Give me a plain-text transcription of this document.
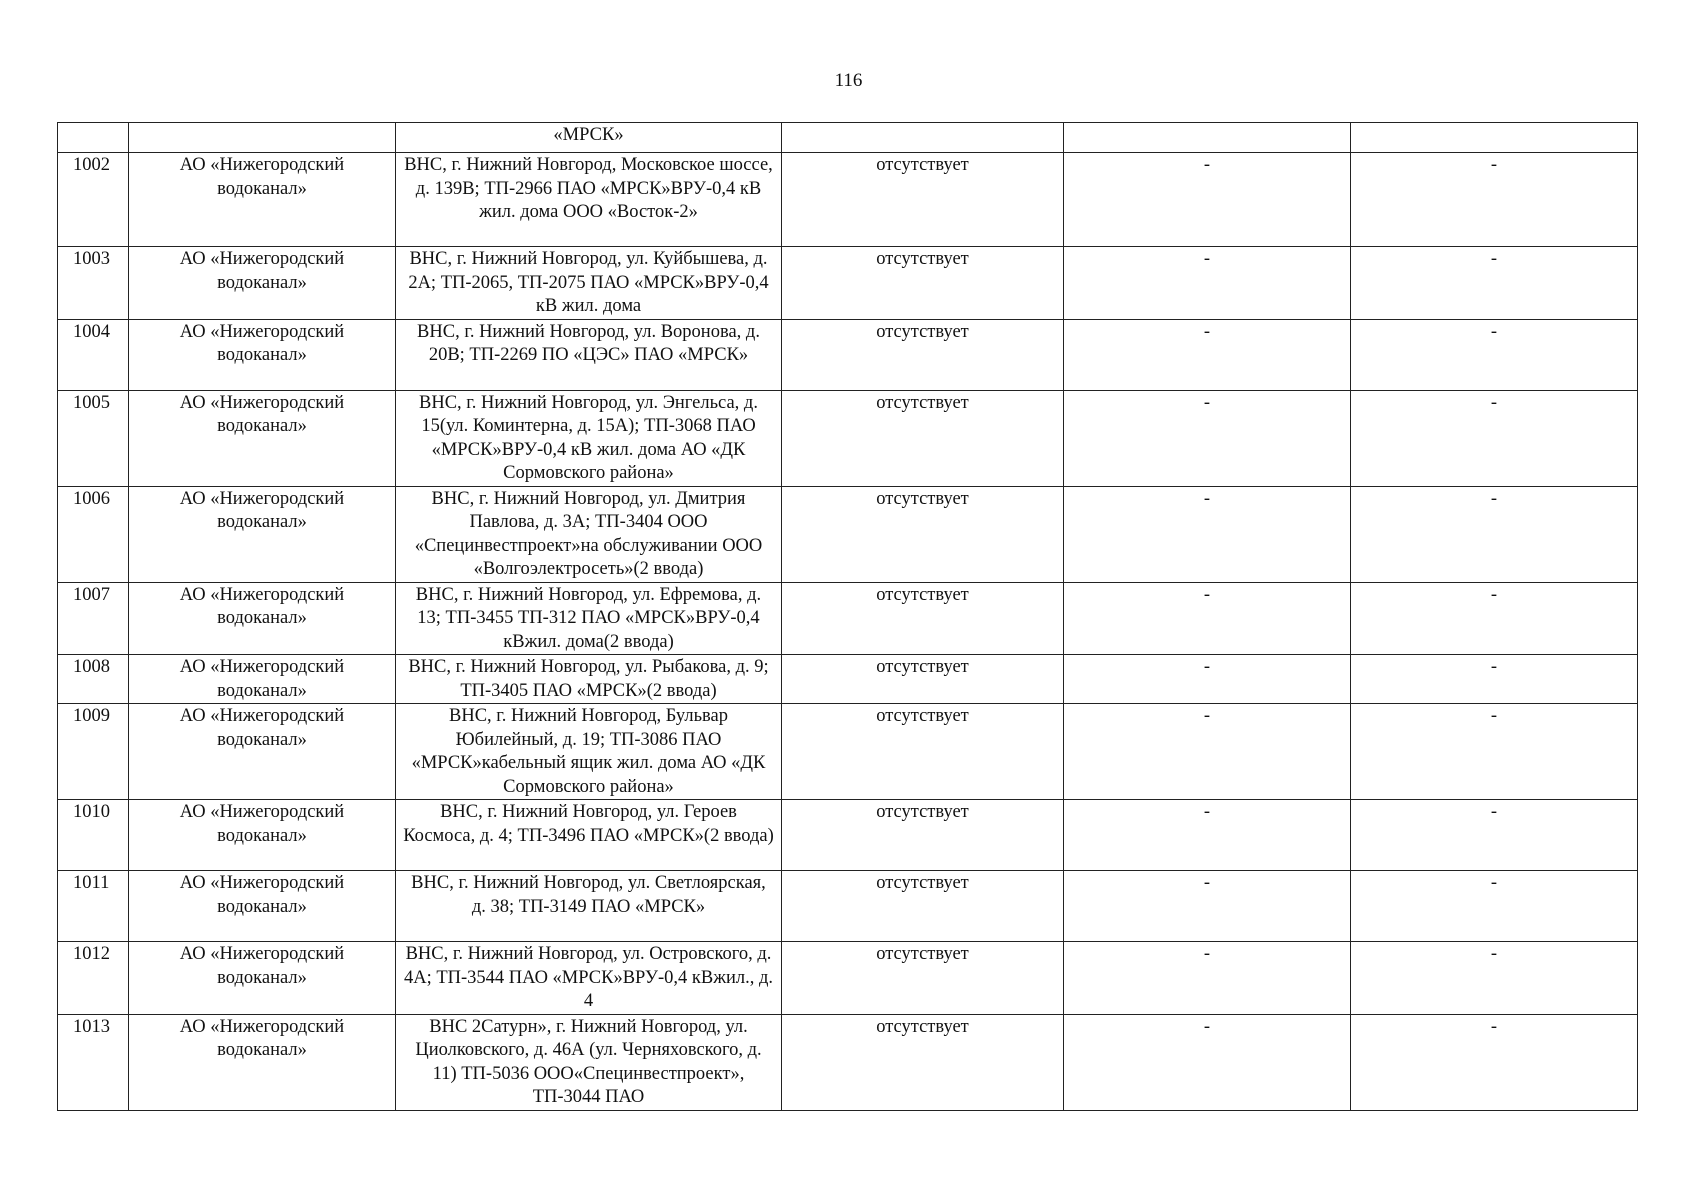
116
		«МРСК»			
1002	АО «Нижегородский водоканал»	ВНС, г. Нижний Новгород, Московское шоссе, д. 139В; ТП-2966 ПАО «МРСК»ВРУ-0,4 кВ жил. дома ООО «Восток-2»	отсутствует	-	-
1003	АО «Нижегородский водоканал»	ВНС, г. Нижний Новгород, ул. Куйбышева, д. 2А; ТП-2065, ТП-2075 ПАО «МРСК»ВРУ-0,4 кВ жил. дома	отсутствует	-	-
1004	АО «Нижегородский водоканал»	ВНС, г. Нижний Новгород, ул. Воронова, д. 20В; ТП-2269 ПО «ЦЭС» ПАО «МРСК»	отсутствует	-	-
1005	АО «Нижегородский водоканал»	ВНС, г. Нижний Новгород, ул. Энгельса, д. 15(ул. Коминтерна, д. 15А); ТП-3068 ПАО «МРСК»ВРУ-0,4 кВ жил. дома АО «ДК Сормовского района»	отсутствует	-	-
1006	АО «Нижегородский водоканал»	ВНС, г. Нижний Новгород, ул. Дмитрия Павлова, д. 3А; ТП-3404 ООО «Специнвестпроект»на обслуживании ООО «Волгоэлектросеть»(2 ввода)	отсутствует	-	-
1007	АО «Нижегородский водоканал»	ВНС, г. Нижний Новгород, ул. Ефремова, д. 13; ТП-3455 ТП-312 ПАО «МРСК»ВРУ-0,4 кВжил. дома(2 ввода)	отсутствует	-	-
1008	АО «Нижегородский водоканал»	ВНС, г. Нижний Новгород, ул. Рыбакова, д. 9; ТП-3405 ПАО «МРСК»(2 ввода)	отсутствует	-	-
1009	АО «Нижегородский водоканал»	ВНС, г. Нижний Новгород, Бульвар Юбилейный, д. 19; ТП-3086 ПАО «МРСК»кабельный ящик жил. дома АО «ДК Сормовского района»	отсутствует	-	-
1010	АО «Нижегородский водоканал»	ВНС, г. Нижний Новгород, ул. Героев Космоса, д. 4; ТП-3496 ПАО «МРСК»(2 ввода)	отсутствует	-	-
1011	АО «Нижегородский водоканал»	ВНС, г. Нижний Новгород, ул. Светлоярская, д. 38; ТП-3149 ПАО «МРСК»	отсутствует	-	-
1012	АО «Нижегородский водоканал»	ВНС, г. Нижний Новгород, ул. Островского, д. 4А; ТП-3544 ПАО «МРСК»ВРУ-0,4 кВжил., д. 4	отсутствует	-	-
1013	АО «Нижегородский водоканал»	ВНС 2Сатурн», г. Нижний Новгород, ул. Циолковского, д. 46А (ул. Черняховского, д. 11) ТП-5036 ООО«Специнвестпроект», ТП-3044 ПАО	отсутствует	-	-
